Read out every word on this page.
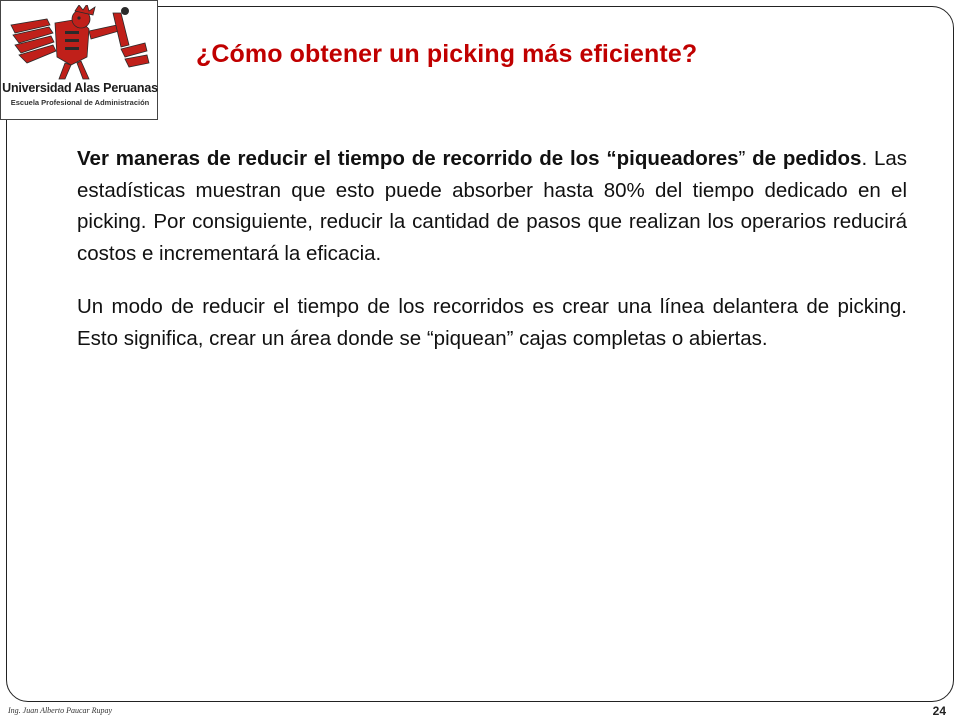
Universidad Alas Peruanas
Escuela Profesional de Administración
¿Cómo obtener un picking más eficiente?

Ver maneras de reducir el tiempo de recorrido de los “piqueadores” de pedidos. Las estadísticas muestran que esto puede absorber hasta 80% del tiempo dedicado en el picking. Por consiguiente, reducir la cantidad de pasos que realizan los operarios reducirá costos e incrementará la eficacia.

Un modo de reducir el tiempo de los recorridos es crear una línea delantera de picking. Esto significa, crear un área donde se “piquean” cajas completas o abiertas.

Ing. Juan Alberto Paucar Rupay	24
